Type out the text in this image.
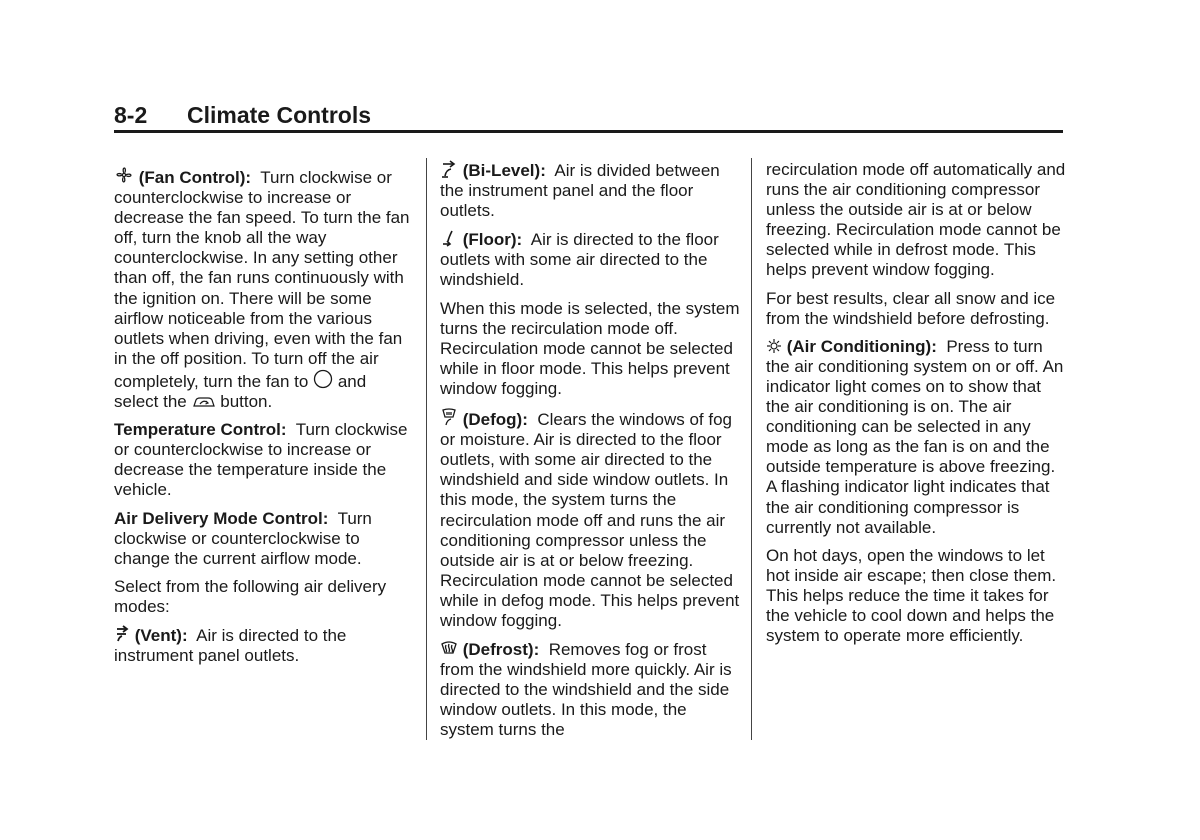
8-2 Climate Controls

(Fan Control): Turn clockwise or counterclockwise to increase or decrease the fan speed. To turn the fan off, turn the knob all the way counterclockwise. In any setting other than off, the fan runs continuously with the ignition on. There will be some airflow noticeable from the various outlets when driving, even with the fan in the off position. To turn off the air completely, turn the fan to and select the button.

Temperature Control: Turn clockwise or counterclockwise to increase or decrease the temperature inside the vehicle.

Air Delivery Mode Control: Turn clockwise or counterclockwise to change the current airflow mode.

Select from the following air delivery modes:

(Vent): Air is directed to the instrument panel outlets.

(Bi-Level): Air is divided between the instrument panel and the floor outlets.

(Floor): Air is directed to the floor outlets with some air directed to the windshield.

When this mode is selected, the system turns the recirculation mode off. Recirculation mode cannot be selected while in floor mode. This helps prevent window fogging.

(Defog): Clears the windows of fog or moisture. Air is directed to the floor outlets, with some air directed to the windshield and side window outlets. In this mode, the system turns the recirculation mode off and runs the air conditioning compressor unless the outside air is at or below freezing. Recirculation mode cannot be selected while in defog mode. This helps prevent window fogging.

(Defrost): Removes fog or frost from the windshield more quickly. Air is directed to the windshield and the side window outlets. In this mode, the system turns the

recirculation mode off automatically and runs the air conditioning compressor unless the outside air is at or below freezing. Recirculation mode cannot be selected while in defrost mode. This helps prevent window fogging.

For best results, clear all snow and ice from the windshield before defrosting.

(Air Conditioning): Press to turn the air conditioning system on or off. An indicator light comes on to show that the air conditioning is on. The air conditioning can be selected in any mode as long as the fan is on and the outside temperature is above freezing. A flashing indicator light indicates that the air conditioning compressor is currently not available.

On hot days, open the windows to let hot inside air escape; then close them. This helps reduce the time it takes for the vehicle to cool down and helps the system to operate more efficiently.
